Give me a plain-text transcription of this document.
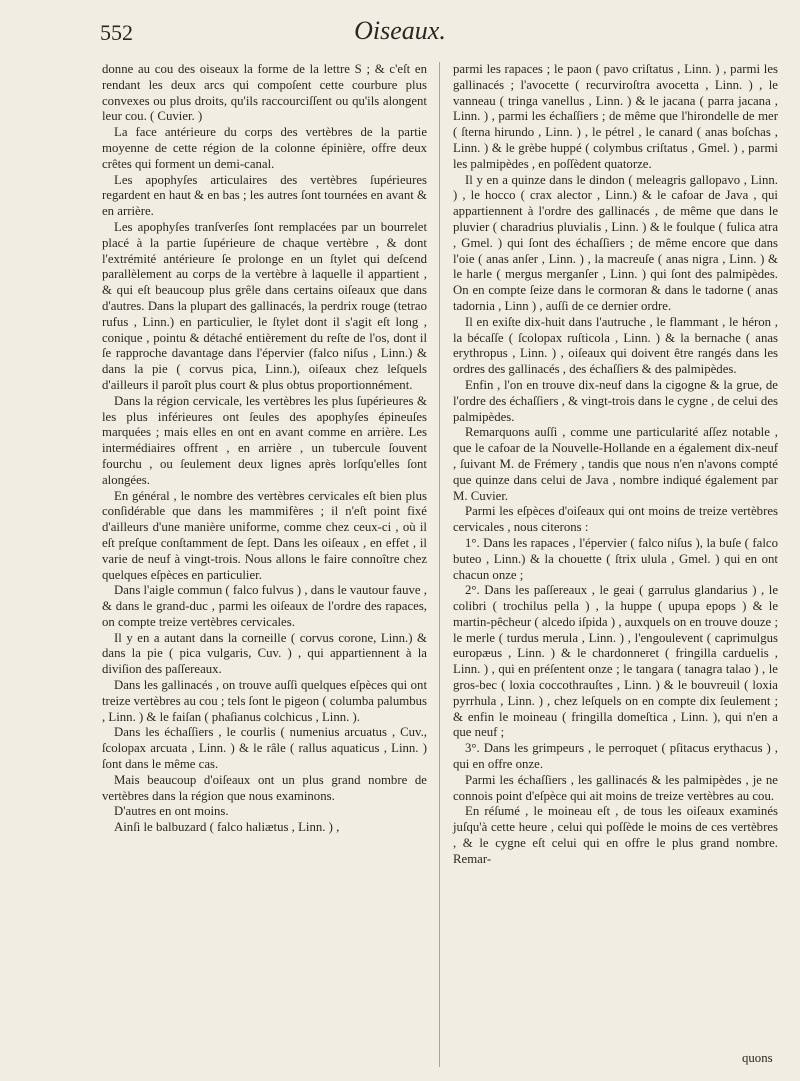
552	Oiseaux.

donne au cou des oiseaux la forme de la lettre S ; & c'eſt en rendant les deux arcs qui compoſent cette courbure plus convexes ou plus droits, qu'ils raccourciſſent ou qu'ils alongent leur cou. ( Cuvier. )

La face antérieure du corps des vertèbres de la partie moyenne de cette région de la colonne épinière, offre deux crêtes qui forment un demi-canal.

Les apophyſes articulaires des vertèbres ſupérieures regardent en haut & en bas ; les autres ſont tournées en avant & en arrière.

Les apophyſes tranſverſes ſont remplacées par un bourrelet placé à la partie ſupérieure de chaque vertèbre , & dont l'extrémité antérieure ſe prolonge en un ſtylet qui deſcend parallèlement au corps de la vertèbre à laquelle il appartient , & qui eſt beaucoup plus grêle dans certains oiſeaux que dans d'autres. Dans la plupart des gallinacés, la perdrix rouge (tetrao rufus , Linn.) en particulier, le ſtylet dont il s'agit eſt long , conique , pointu & détaché entièrement du reſte de l'os, dont il ſe rapproche davantage dans l'épervier (falco niſus , Linn.) & dans la pie ( corvus pica, Linn.), oiſeaux chez leſquels d'ailleurs il paroît plus court & plus obtus proportionnément.

Dans la région cervicale, les vertèbres les plus ſupérieures & les plus inférieures ont ſeules des apophyſes épineuſes marquées ; mais elles en ont en avant comme en arrière. Les intermédiaires offrent , en arrière , un tubercule ſouvent fourchu , ou ſeulement deux lignes après lorſqu'elles ſont alongées.

En général , le nombre des vertèbres cervicales eſt bien plus conſidérable que dans les mammifères ; il n'eſt point fixé d'ailleurs d'une manière uniforme, comme chez ceux-ci , où il eſt preſque conſtamment de ſept. Dans les oiſeaux , en effet , il varie de neuf à vingt-trois. Nous allons le faire connoître chez quelques eſpèces en particulier.

Dans l'aigle commun ( falco fulvus ) , dans le vautour fauve , & dans le grand-duc , parmi les oiſeaux de l'ordre des rapaces, on compte treize vertèbres cervicales.

Il y en a autant dans la corneille ( corvus corone, Linn.) & dans la pie ( pica vulgaris, Cuv. ) , qui appartiennent à la diviſion des paſſereaux.

Dans les gallinacés , on trouve auſſi quelques eſpèces qui ont treize vertèbres au cou ; tels ſont le pigeon ( columba palumbus , Linn. ) & le faiſan ( phaſianus colchicus , Linn. ).

Dans les échaſſiers , le courlis ( numenius arcuatus , Cuv., ſcolopax arcuata , Linn. ) & le râle ( rallus aquaticus , Linn. ) ſont dans le même cas.

Mais beaucoup d'oiſeaux ont un plus grand nombre de vertèbres dans la région que nous examinons.

D'autres en ont moins.

Ainſi le balbuzard ( falco haliætus , Linn. ) ,

parmi les rapaces ; le paon ( pavo criſtatus , Linn. ) , parmi les gallinacés ; l'avocette ( recurviroſtra avocetta , Linn. ) , le vanneau ( tringa vanellus , Linn. ) & le jacana ( parra jacana , Linn. ) , parmi les échaſſiers ; de même que l'hirondelle de mer ( ſterna hirundo , Linn. ) , le pétrel , le canard ( anas boſchas , Linn. ) & le grèbe huppé ( colymbus criſtatus , Gmel. ) , parmi les palmipèdes , en poſſèdent quatorze.

Il y en a quinze dans le dindon ( meleagris gallopavo , Linn. ) , le hocco ( crax alector , Linn.) & le cafoar de Java , qui appartiennent à l'ordre des gallinacés , de même que dans le pluvier ( charadrius pluvialis , Linn. ) & le foulque ( fulica atra , Gmel. ) qui ſont des échaſſiers ; de même encore que dans l'oie ( anas anſer , Linn. ) , la macreuſe ( anas nigra , Linn. ) & le harle ( mergus merganſer , Linn. ) qui ſont des palmipèdes. On en compte ſeize dans le cormoran & dans le tadorne ( anas tadornia , Linn ) , auſſi de ce dernier ordre.

Il en exiſte dix-huit dans l'autruche , le flammant , le héron , la bécaſſe ( ſcolopax ruſticola , Linn. ) & la bernache ( anas erythropus , Linn. ) , oiſeaux qui doivent être rangés dans les ordres des gallinacés , des échaſſiers & des palmipèdes.

Enfin , l'on en trouve dix-neuf dans la cigogne & la grue, de l'ordre des échaſſiers , & vingt-trois dans le cygne , de celui des palmipèdes.

Remarquons auſſi , comme une particularité aſſez notable , que le cafoar de la Nouvelle-Hollande en a également dix-neuf , ſuivant M. de Frémery , tandis que nous n'en n'avons compté que quinze dans celui de Java , nombre indiqué également par M. Cuvier.

Parmi les eſpèces d'oiſeaux qui ont moins de treize vertèbres cervicales , nous citerons :

1°. Dans les rapaces , l'épervier ( falco niſus ), la buſe ( falco buteo , Linn.) & la chouette ( ſtrix ulula , Gmel. ) qui en ont chacun onze ;

2°. Dans les paſſereaux , le geai ( garrulus glandarius ) , le colibri ( trochilus pella ) , la huppe ( upupa epops ) & le martin-pêcheur ( alcedo iſpida ) , auxquels on en trouve douze ; le merle ( turdus merula , Linn. ) , l'engoulevent ( caprimulgus europæus , Linn. ) & le chardonneret ( fringilla carduelis , Linn. ) , qui en préſentent onze ; le tangara ( tanagra talao ) , le gros-bec ( loxia coccothrauſtes , Linn. ) & le bouvreuil ( loxia pyrrhula , Linn. ) , chez leſquels on en compte dix ſeulement ; & enfin le moineau ( fringilla domeſtica , Linn. ), qui n'en a que neuf ;

3°. Dans les grimpeurs , le perroquet ( pſitacus erythacus ) , qui en offre onze.

Parmi les échaſſiers , les gallinacés & les palmipèdes , je ne connois point d'eſpèce qui ait moins de treize vertèbres au cou.

En réſumé , le moineau eſt , de tous les oiſeaux examinés juſqu'à cette heure , celui qui poſſède le moins de ces vertèbres , & le cygne eſt celui qui en offre le plus grand nombre. Remar-

quons
